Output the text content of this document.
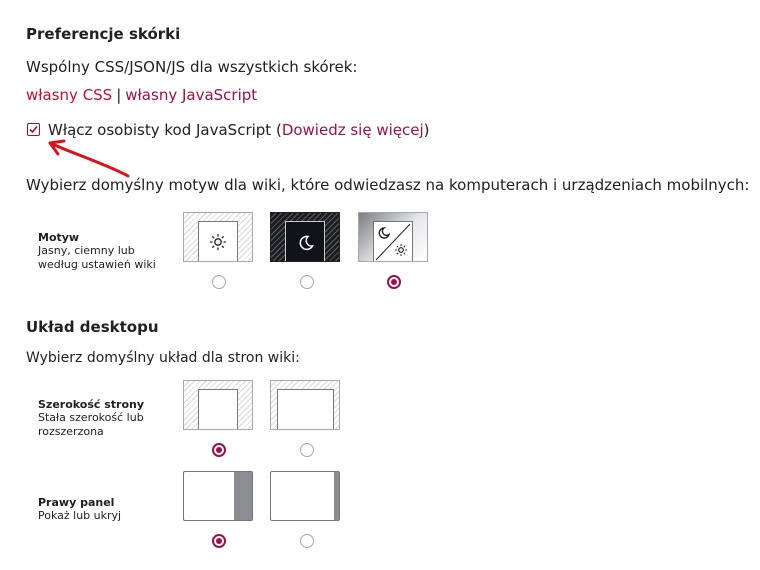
Preferencje skórki
Wspólny CSS/JSON/JS dla wszystkich skórek:
własny CSS | własny JavaScript
Włącz osobisty kod JavaScript (Dowiedz się więcej)
Wybierz domyślny motyw dla wiki, które odwiedzasz na komputerach i urządzeniach mobilnych:
Motyw
Jasny, ciemny lub według ustawień wiki
Układ desktopu
Wybierz domyślny układ dla stron wiki:
Szerokość strony
Stała szerokość lub rozszerzona
Prawy panel
Pokaż lub ukryj
